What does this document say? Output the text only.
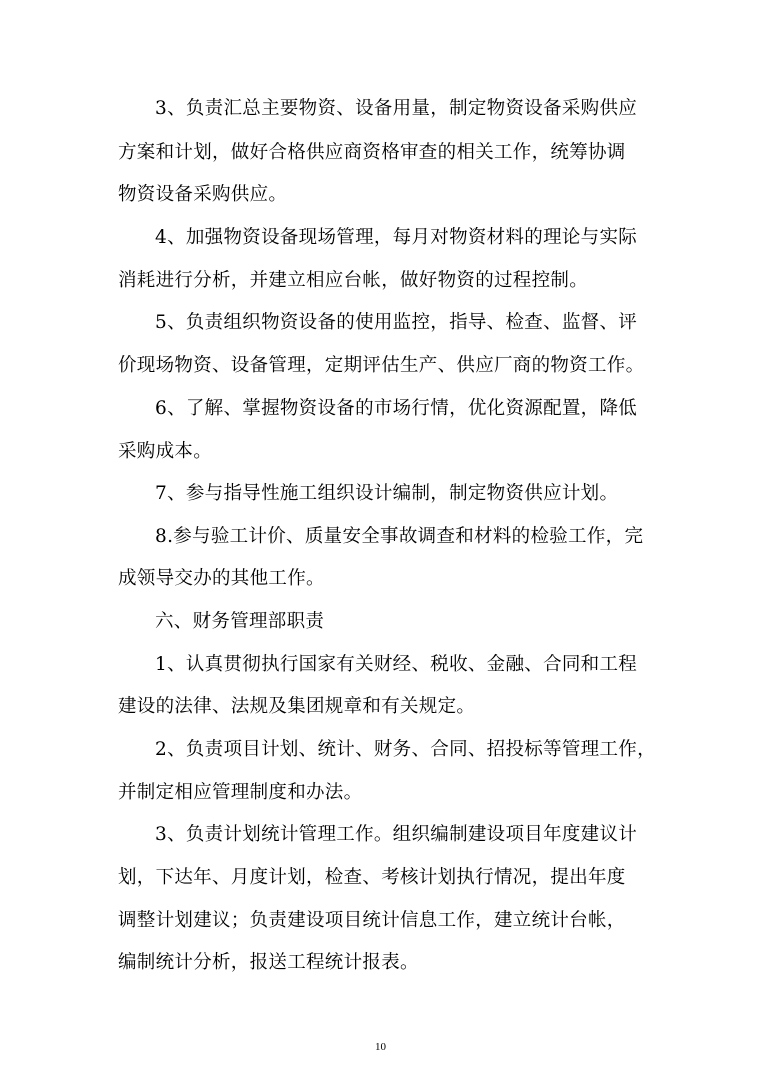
3、负责汇总主要物资、设备用量，制定物资设备采购供应
方案和计划，做好合格供应商资格审查的相关工作，统筹协调
物资设备采购供应。
4、加强物资设备现场管理，每月对物资材料的理论与实际
消耗进行分析，并建立相应台帐，做好物资的过程控制。
5、负责组织物资设备的使用监控，指导、检查、监督、评
价现场物资、设备管理，定期评估生产、供应厂商的物资工作。
6、了解、掌握物资设备的市场行情，优化资源配置，降低
采购成本。
7、参与指导性施工组织设计编制，制定物资供应计划。
8.参与验工计价、质量安全事故调查和材料的检验工作，完
成领导交办的其他工作。
六、财务管理部职责
1、认真贯彻执行国家有关财经、税收、金融、合同和工程
建设的法律、法规及集团规章和有关规定。
2、负责项目计划、统计、财务、合同、招投标等管理工作，
并制定相应管理制度和办法。
3、负责计划统计管理工作。组织编制建设项目年度建议计
划，下达年、月度计划，检查、考核计划执行情况，提出年度
调整计划建议；负责建设项目统计信息工作，建立统计台帐，
编制统计分析，报送工程统计报表。
10
